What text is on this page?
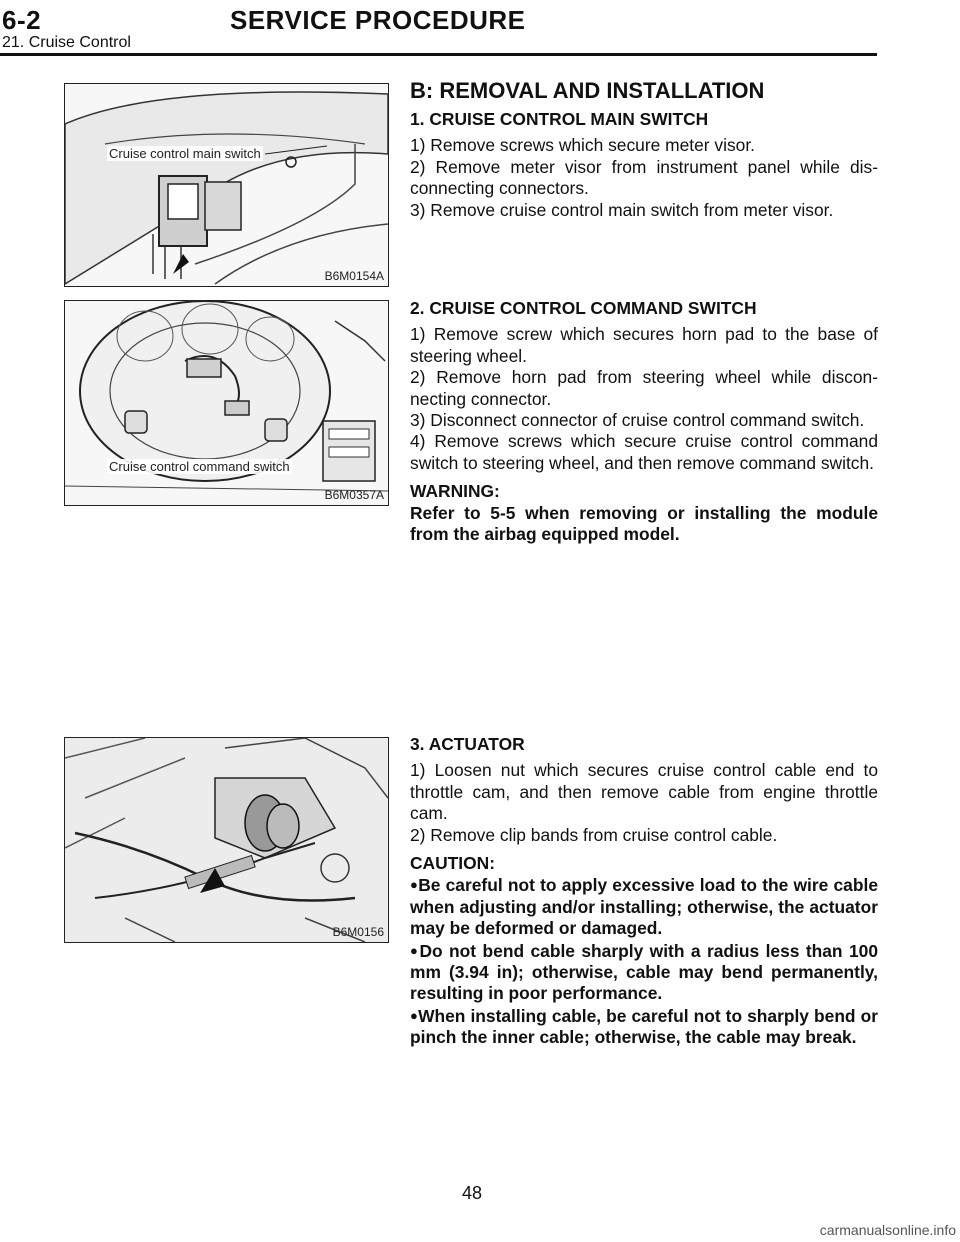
6-2	SERVICE PROCEDURE
21. Cruise Control
Cruise control main switch
B6M0154A
Cruise control command switch
B6M0357A
B6M0156
B: REMOVAL AND INSTALLATION
1. CRUISE CONTROL MAIN SWITCH

1) Remove screws which secure meter visor.

2) Remove meter visor from instrument panel while dis- connecting connectors.

3) Remove cruise control main switch from meter visor.

2. CRUISE CONTROL COMMAND SWITCH

1) Remove screw which secures horn pad to the base of steering wheel.

2) Remove horn pad from steering wheel while discon- necting connector.

3) Disconnect connector of cruise control command switch.

4) Remove screws which secure cruise control command switch to steering wheel, and then remove command switch.

WARNING:

Refer to 5-5 when removing or installing the module from the airbag equipped model.

3. ACTUATOR

1) Loosen nut which secures cruise control cable end to throttle cam, and then remove cable from engine throttle cam.

2) Remove clip bands from cruise control cable.

CAUTION:

●Be careful not to apply excessive load to the wire cable when adjusting and/or installing; otherwise, the actuator may be deformed or damaged.

●Do not bend cable sharply with a radius less than 100 mm (3.94 in); otherwise, cable may bend permanently, resulting in poor performance.

●When installing cable, be careful not to sharply bend or pinch the inner cable; otherwise, the cable may break.

48
carmanualsonline.info
